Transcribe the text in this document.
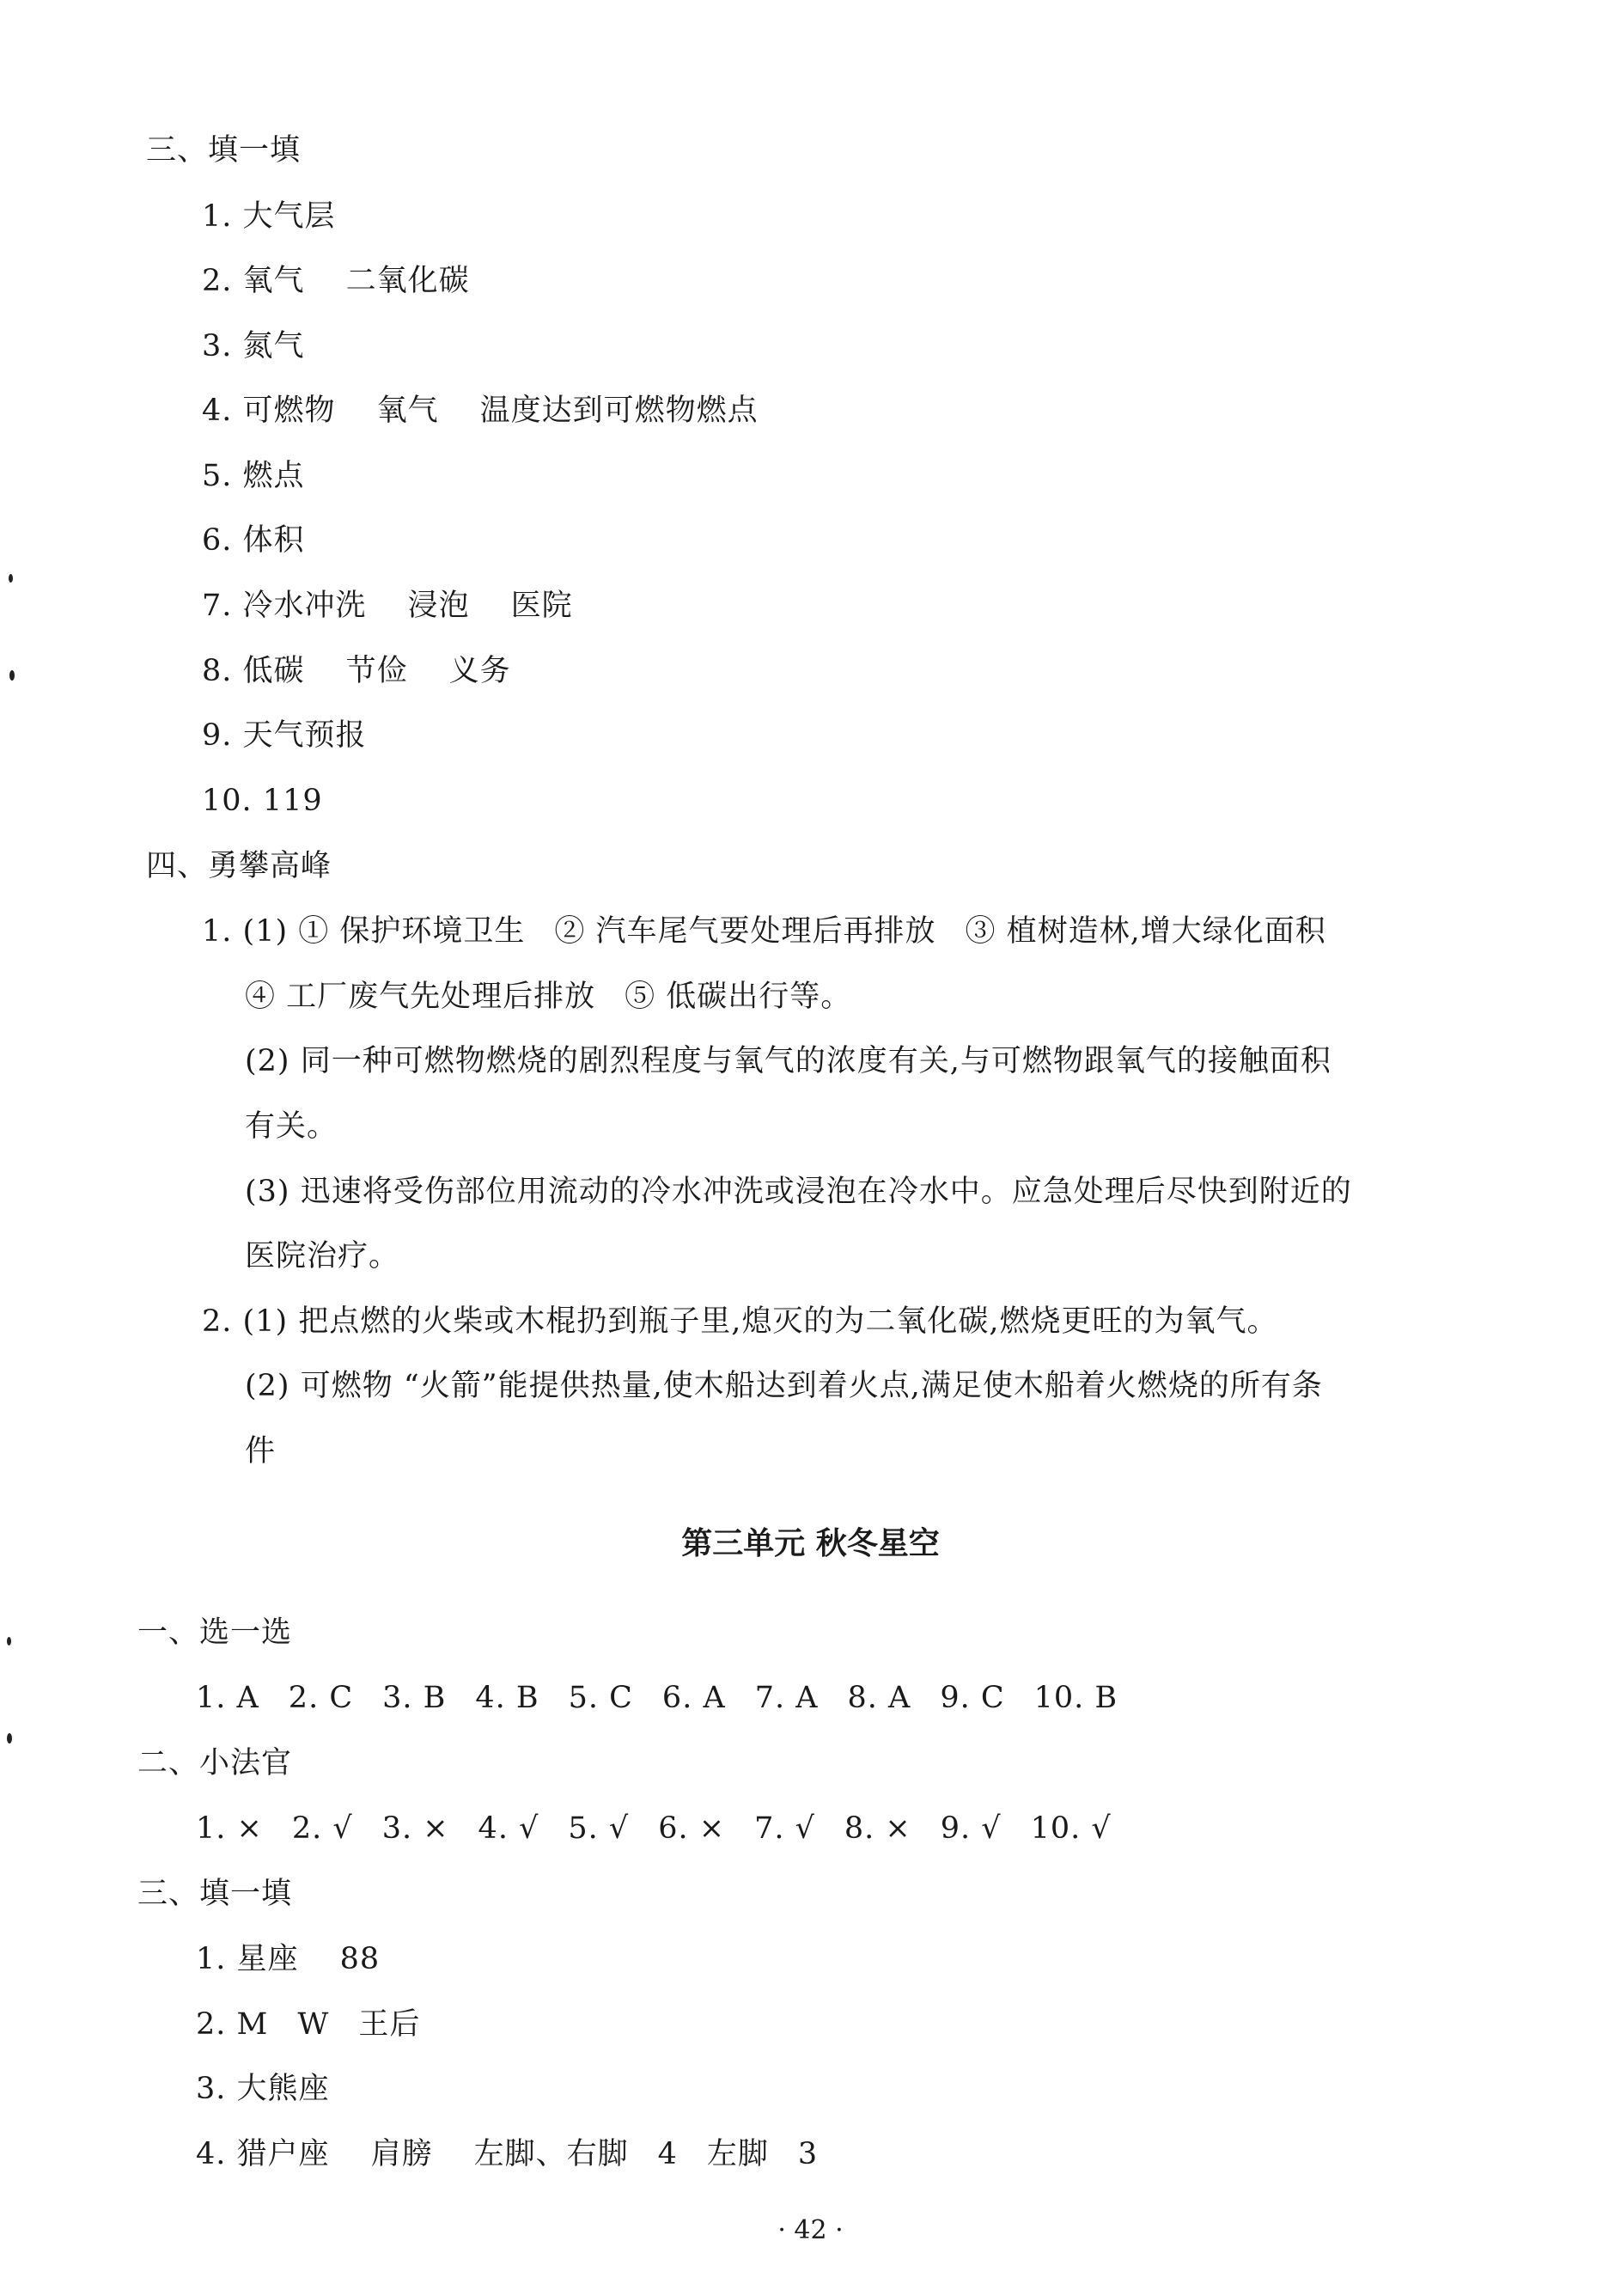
三、填一填
1. 大气层
2. 氧气 二氧化碳
3. 氮气
4. 可燃物 氧气 温度达到可燃物燃点
5. 燃点
6. 体积
7. 冷水冲洗 浸泡 医院
8. 低碳 节俭 义务
9. 天气预报
10. 119
四、勇攀高峰
1. (1) ① 保护环境卫生 ② 汽车尾气要处理后再排放 ③ 植树造林,增大绿化面积
④ 工厂废气先处理后排放 ⑤ 低碳出行等。
(2) 同一种可燃物燃烧的剧烈程度与氧气的浓度有关,与可燃物跟氧气的接触面积
有关。
(3) 迅速将受伤部位用流动的冷水冲洗或浸泡在冷水中。应急处理后尽快到附近的
医院治疗。
2. (1) 把点燃的火柴或木棍扔到瓶子里,熄灭的为二氧化碳,燃烧更旺的为氧气。
(2) 可燃物 “火箭”能提供热量,使木船达到着火点,满足使木船着火燃烧的所有条
件
第三单元 秋冬星空
一、选一选
1. A 2. C 3. B 4. B 5. C 6. A 7. A 8. A 9. C 10. B
二、小法官
1. × 2. √ 3. × 4. √ 5. √ 6. × 7. √ 8. × 9. √ 10. √
三、填一填
1. 星座 88
2. M W 王后
3. 大熊座
4. 猎户座 肩膀 左脚、右脚 4 左脚 3
· 42 ·
